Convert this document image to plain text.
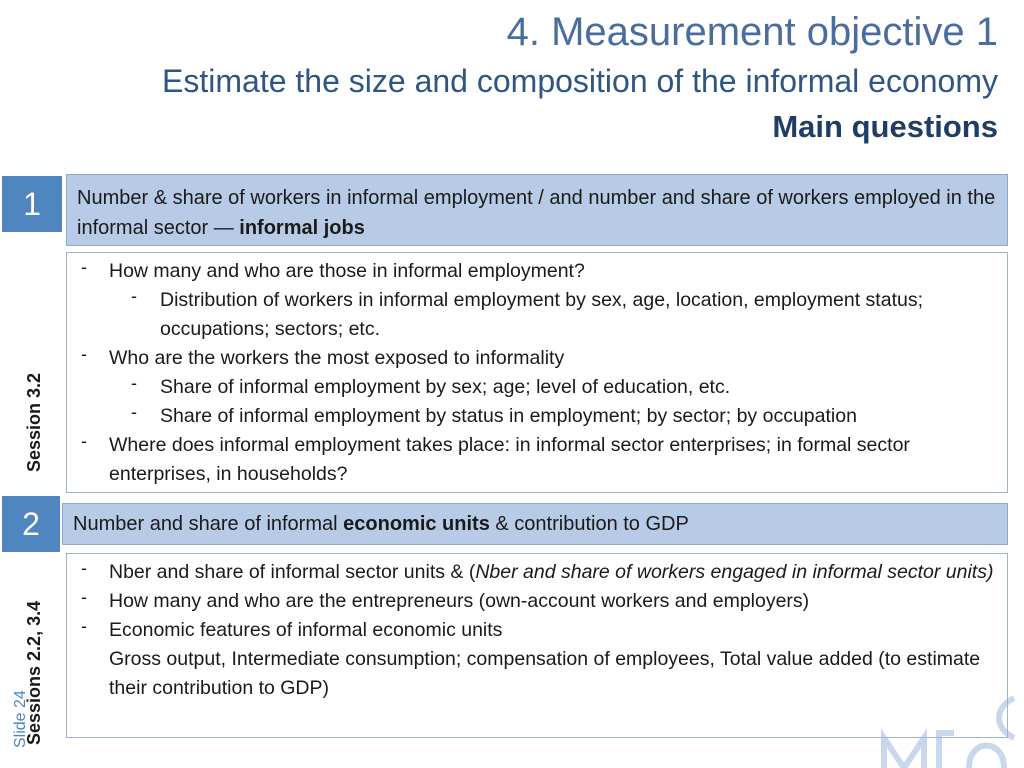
4. Measurement objective 1
Estimate the size and composition of the informal economy
Main questions
1	Number & share of workers in informal employment / and number and share of workers employed in the informal sector — informal jobs
‑ How many and who are those in informal employment?
‑ Distribution of workers in informal employment by sex, age, location, employment status; occupations; sectors; etc.
‑ Who are the workers the most exposed to informality
‑ Share of informal employment by sex; age; level of education, etc.
‑ Share of informal employment by status in employment; by sector; by occupation
‑ Where does informal employment takes place: in informal sector enterprises; in formal sector enterprises, in households?
Session 3.2
2	Number and share of informal economic units & contribution to GDP
‑ Nber and share of informal sector units & (Nber and share of workers engaged in informal sector units)
‑ How many and who are the entrepreneurs (own-account workers and employers)
‑ Economic features of informal economic units
Gross output, Intermediate consumption; compensation of employees, Total value added (to estimate their contribution to GDP)
Sessions 2.2, 3.4
Slide 24
